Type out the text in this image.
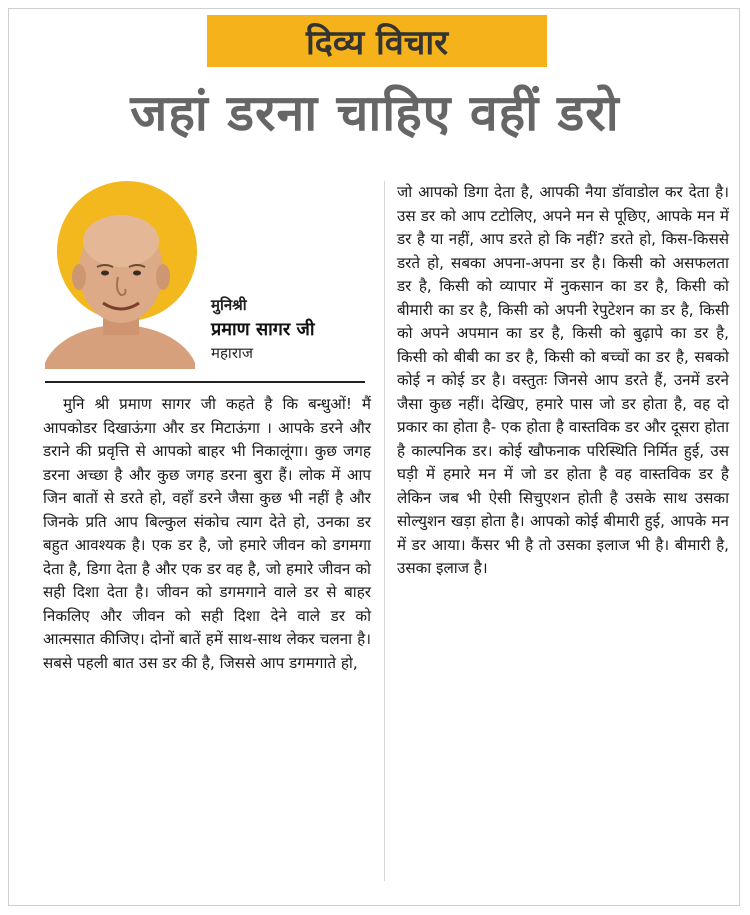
दिव्य विचार
जहां डरना चाहिए वहीं डरो
मुनिश्री
प्रमाण सागर जी
महाराज

मुनि श्री प्रमाण सागर जी कहते है कि बन्धुओं! मैं आपकोडर दिखाऊंगा और डर मिटाऊंगा । आपके डरने और डराने की प्रवृत्ति से आपको बाहर भी निकालूंगा। कुछ जगह डरना अच्छा है और कुछ जगह डरना बुरा हैं। लोक में आप जिन बातों से डरते हो, वहाँ डरने जैसा कुछ भी नहीं है और जिनके प्रति आप बिल्कुल संकोच त्याग देते हो, उनका डर बहुत आवश्यक है। एक डर है, जो हमारे जीवन को डगमगा देता है, डिगा देता है और एक डर वह है, जो हमारे जीवन को सही दिशा देता है। जीवन को डगमगाने वाले डर से बाहर निकलिए और जीवन को सही दिशा देने वाले डर को आत्मसात कीजिए। दोनों बातें हमें साथ-साथ लेकर चलना है। सबसे पहली बात उस डर की है, जिससे आप डगमगाते हो,

जो आपको डिगा देता है, आपकी नैया डॉवाडोल कर देता है। उस डर को आप टटोलिए, अपने मन से पूछिए, आपके मन में डर है या नहीं, आप डरते हो कि नहीं? डरते हो, किस-किससे डरते हो, सबका अपना-अपना डर है। किसी को असफलता डर है, किसी को व्यापार में नुकसान का डर है, किसी को बीमारी का डर है, किसी को अपनी रेपुटेशन का डर है, किसी को अपने अपमान का डर है, किसी को बुढ़ापे का डर है, किसी को बीबी का डर है, किसी को बच्चों का डर है, सबको कोई न कोई डर है। वस्तुतः जिनसे आप डरते हैं, उनमें डरने जैसा कुछ नहीं। देखिए, हमारे पास जो डर होता है, वह दो प्रकार का होता है- एक होता है वास्तविक डर और दूसरा होता है काल्पनिक डर। कोई खौफनाक परिस्थिति निर्मित हुई, उस घड़ी में हमारे मन में जो डर होता है वह वास्तविक डर है लेकिन जब भी ऐसी सिचुएशन होती है उसके साथ उसका सोल्युशन खड़ा होता है। आपको कोई बीमारी हुई, आपके मन में डर आया। कैंसर भी है तो उसका इलाज भी है। बीमारी है, उसका इलाज है।
